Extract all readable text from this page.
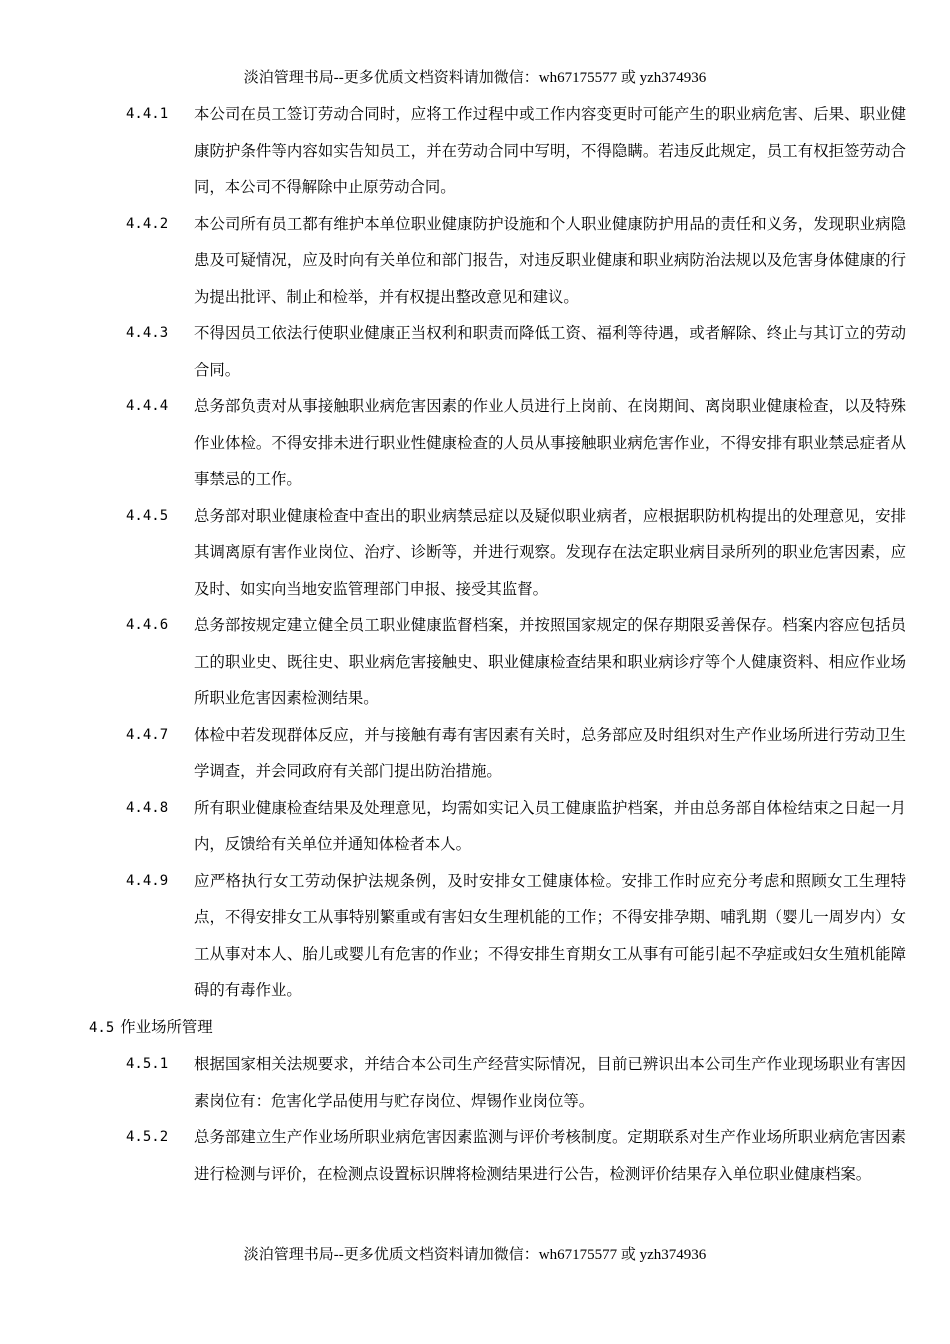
淡泊管理书局--更多优质文档资料请加微信：wh67175577 或 yzh374936
4.4.1	本公司在员工签订劳动合同时，应将工作过程中或工作内容变更时可能产生的职业病危害、后果、职业健康防护条件等内容如实告知员工，并在劳动合同中写明，不得隐瞒。若违反此规定，员工有权拒签劳动合同，本公司不得解除中止原劳动合同。
4.4.2	本公司所有员工都有维护本单位职业健康防护设施和个人职业健康防护用品的责任和义务，发现职业病隐患及可疑情况，应及时向有关单位和部门报告，对违反职业健康和职业病防治法规以及危害身体健康的行为提出批评、制止和检举，并有权提出整改意见和建议。
4.4.3	不得因员工依法行使职业健康正当权利和职责而降低工资、福利等待遇，或者解除、终止与其订立的劳动合同。
4.4.4	总务部负责对从事接触职业病危害因素的作业人员进行上岗前、在岗期间、离岗职业健康检查，以及特殊作业体检。不得安排未进行职业性健康检查的人员从事接触职业病危害作业，不得安排有职业禁忌症者从事禁忌的工作。
4.4.5	总务部对职业健康检查中查出的职业病禁忌症以及疑似职业病者，应根据职防机构提出的处理意见，安排其调离原有害作业岗位、治疗、诊断等，并进行观察。发现存在法定职业病目录所列的职业危害因素，应及时、如实向当地安监管理部门申报、接受其监督。
4.4.6	总务部按规定建立健全员工职业健康监督档案，并按照国家规定的保存期限妥善保存。档案内容应包括员工的职业史、既往史、职业病危害接触史、职业健康检查结果和职业病诊疗等个人健康资料、相应作业场所职业危害因素检测结果。
4.4.7	体检中若发现群体反应，并与接触有毒有害因素有关时，总务部应及时组织对生产作业场所进行劳动卫生学调查，并会同政府有关部门提出防治措施。
4.4.8	所有职业健康检查结果及处理意见，均需如实记入员工健康监护档案，并由总务部自体检结束之日起一月内，反馈给有关单位并通知体检者本人。
4.4.9	应严格执行女工劳动保护法规条例，及时安排女工健康体检。安排工作时应充分考虑和照顾女工生理特点，不得安排女工从事特别繁重或有害妇女生理机能的工作；不得安排孕期、哺乳期（婴儿一周岁内）女工从事对本人、胎儿或婴儿有危害的作业；不得安排生育期女工从事有可能引起不孕症或妇女生殖机能障碍的有毒作业。
4.5 作业场所管理
4.5.1	根据国家相关法规要求，并结合本公司生产经营实际情况，目前已辨识出本公司生产作业现场职业有害因素岗位有：危害化学品使用与贮存岗位、焊锡作业岗位等。
4.5.2	总务部建立生产作业场所职业病危害因素监测与评价考核制度。定期联系对生产作业场所职业病危害因素进行检测与评价，在检测点设置标识牌将检测结果进行公告，检测评价结果存入单位职业健康档案。
淡泊管理书局--更多优质文档资料请加微信：wh67175577 或 yzh374936
